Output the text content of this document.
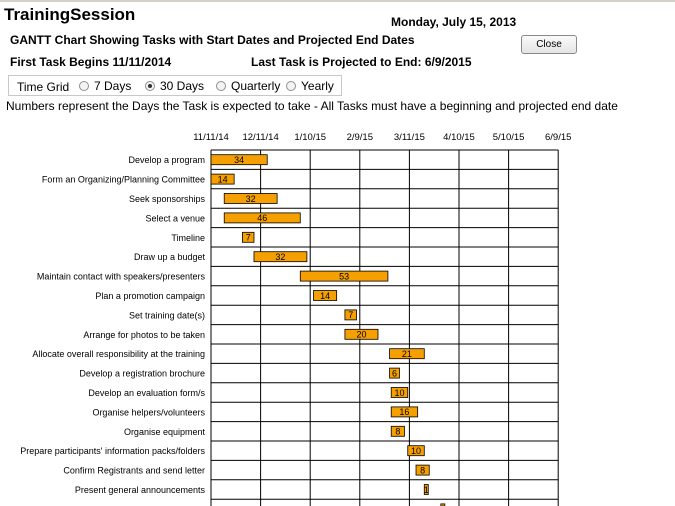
TrainingSession	Monday, July 15, 2013
GANTT Chart Showing Tasks with Start Dates and Projected End Dates	Close
First Task Begins 11/11/2014	Last Task is Projected to End: 6/9/2015
Time Grid 7 Days 30 Days Quarterly Yearly
Numbers represent the Days the Task is expected to take - All Tasks must have a beginning and projected end date
11/11/14 12/11/14 1/10/15 2/9/15 3/11/15 4/10/15 5/10/15 6/9/15
Develop a program	34
Form an Organizing/Planning Committee 14
Seek sponsorships	32
Select a venue	46
Timeline	7
Draw up a budget	32
Maintain contact with speakers/presenters	53
Plan a promotion campaign	14
Set training date(s)	7
Arrange for photos to be taken	20
Allocate overall responsibility at the training	21
Develop a registration brochure	6
Develop an evaluation form/s	10
Organise helpers/volunteers	16
Organise equipment	8
Prepare participants' information packs/folders	10
Confirm Registrants and send letter	8
Present general announcements	1
